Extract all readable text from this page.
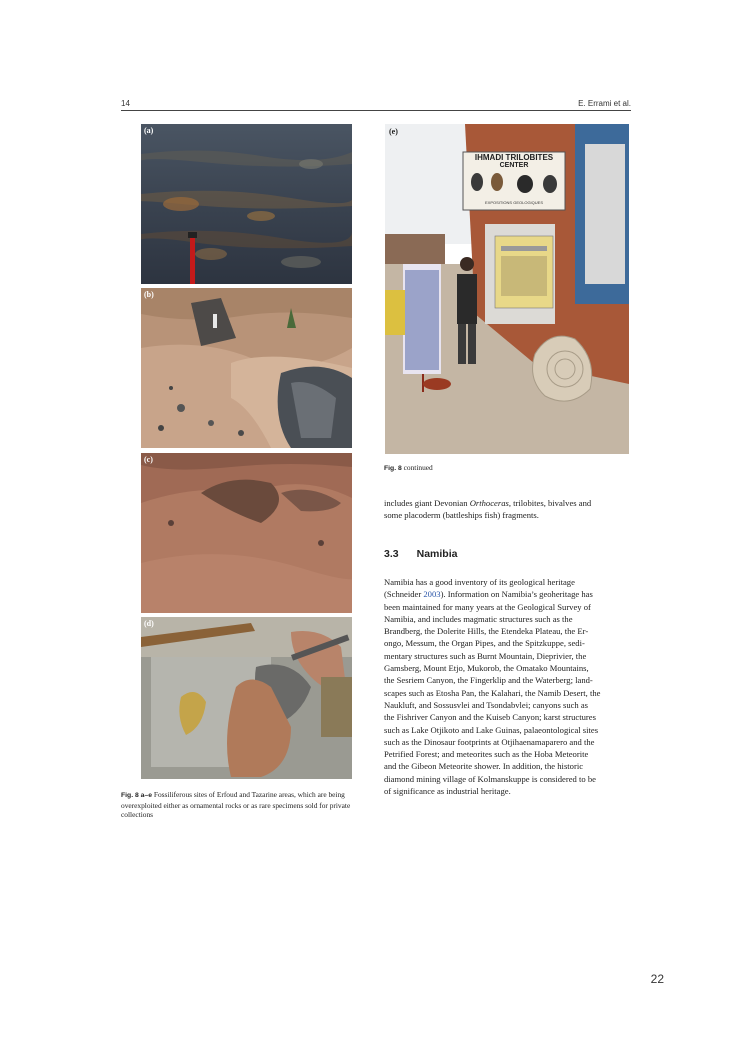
14	E. Errami et al.
(a)
(b)
(c)
(d)
Fig. 8 a–e Fossiliferous sites of Erfoud and Tazarine areas, which are being overexploited either as ornamental rocks or as rare specimens sold for private collections
IHMADI TRILOBITES
CENTER
EXPOSITIONS GEOLOGIQUES
(e)
Fig. 8 continued
includes giant Devonian Orthoceras, trilobites, bivalves and
some placoderm (battleships fish) fragments.
3.3 Namibia
Namibia has a good inventory of its geological heritage
(Schneider 2003). Information on Namibia’s geoheritage has
been maintained for many years at the Geological Survey of
Namibia, and includes magmatic structures such as the
Brandberg, the Dolerite Hills, the Etendeka Plateau, the Er-
ongo, Messum, the Organ Pipes, and the Spitzkuppe, sedi-
mentary structures such as Burnt Mountain, Dieprivier, the
Gamsberg, Mount Etjo, Mukorob, the Omatako Mountains,
the Sesriem Canyon, the Fingerklip and the Waterberg; land-
scapes such as Etosha Pan, the Kalahari, the Namib Desert, the
Naukluft, and Sossusvlei and Tsondabvlei; canyons such as
the Fishriver Canyon and the Kuiseb Canyon; karst structures
such as Lake Otjikoto and Lake Guinas, palaeontological sites
such as the Dinosaur footprints at Otjihaenamaparero and the
Petrified Forest; and meteorites such as the Hoba Meteorite
and the Gibeon Meteorite shower. In addition, the historic
diamond mining village of Kolmanskuppe is considered to be
of significance as industrial heritage.
22
